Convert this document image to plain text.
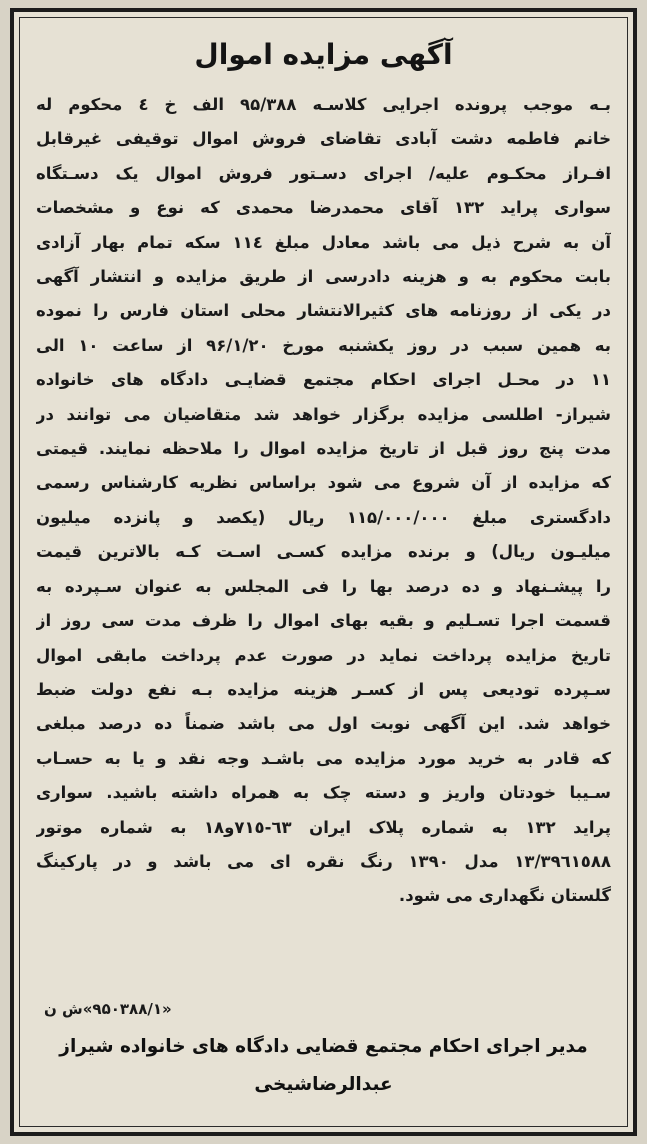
آگهی مزایده اموال
بـه موجب پرونده اجرایی کلاسـه ۹۵/۳۸۸ الف خ ٤ محکوم له
خانم فاطمه دشت آبادی تقاضای فروش اموال توقیفی غیرقابل
افـراز محکـوم علیه/ اجرای دسـتور فروش اموال یک دسـتگاه
سواری پراید ۱۳۲ آقای محمدرضا محمدی که نوع و مشخصات
آن به شرح ذیل می باشد معادل مبلغ ١١٤ سکه تمام بهار آزادی
بابت محکوم به و هزینه دادرسی از طریق مزایده و انتشار آگهی
در یکی از روزنامه های کثیرالانتشار محلی استان فارس را نموده
به همین سبب در روز یکشنبه مورخ ۹۶/۱/۲۰ از ساعت ۱۰ الی
۱۱ در محـل اجرای احکام مجتمع قضایـی دادگاه های خانواده
شیراز- اطلسی مزایده برگزار خواهد شد متقاضیان می توانند در
مدت پنج روز قبل از تاریخ مزایده اموال را ملاحظه نمایند. قیمتی
که مزایده از آن شروع می شود براساس نظریه کارشناس رسمی
دادگستری مبلغ ۱۱۵/۰۰۰/۰۰۰ ریال (یکصد و پانزده میلیون
میلیـون ریال) و برنده مزایده کسـی اسـت کـه بالاترین قیمت
را پیشـنهاد و ده درصد بها را فی المجلس به عنوان سـپرده به
قسمت اجرا تسـلیم و بقیه بهای اموال را ظرف مدت سی روز از
تاریخ مزایده پرداخت نماید در صورت عدم پرداخت مابقی اموال
سـپرده تودیعی پس از کسـر هزینه مزایده بـه نفع دولت ضبط
خواهد شد. این آگهی نوبت اول می باشد ضمناً ده درصد مبلغی
که قادر به خرید مورد مزایده می باشـد وجه نقد و یا به حسـاب
سـیبا خودتان واریز و دسته چک به همراه داشته باشید. سواری
پراید ۱۳۲ به شماره پلاک ایران ٦٣-٧١٥و١٨ به شماره موتور
۱۳/۳۹٦۱٥۸۸ مدل ۱۳۹۰ رنگ نقره ای می باشد و در پارکینگ
گلستان نگهداری می شود.
«۹۵۰۳۸۸/۱»ش ن
مدیر اجرای احکام مجتمع قضایی دادگاه های خانواده شیراز
عبدالرضاشیخی
